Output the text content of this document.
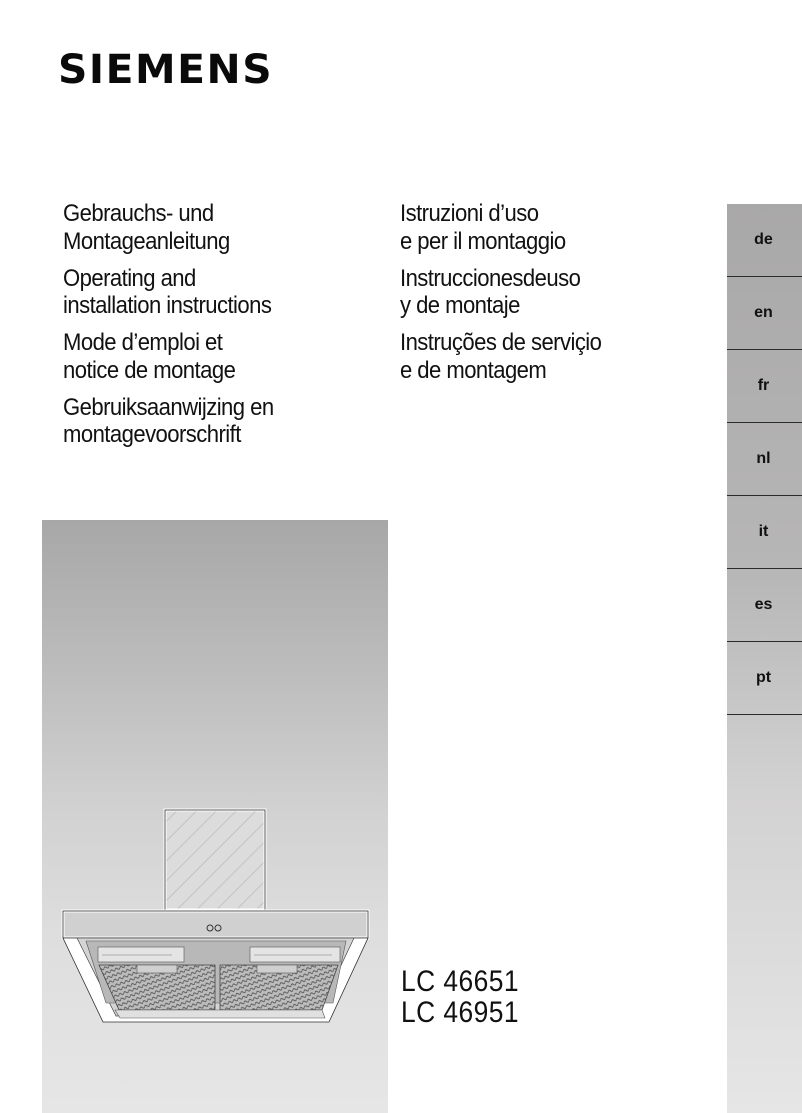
SIEMENS
Gebrauchs- und
Montageanleitung
Operating and
installation instructions
Mode d’emploi et
notice de montage
Gebruiksaanwijzing en
montagevoorschrift
Istruzioni d’uso
e per il montaggio
Instruccionesdeuso
y de montaje
Instruções de serviçio
e de montagem
de
en
fr
nl
it
es
pt
LC 46651
LC 46951
